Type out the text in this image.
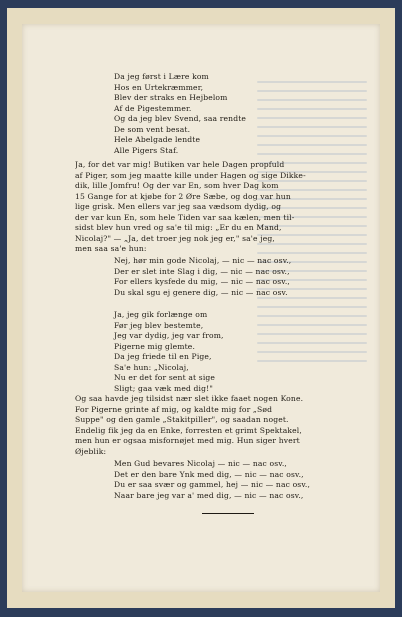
Da jeg først i Lære kom
Hos en Urtekræmmer,
Blev der straks en Hejbelom
Af de Pigestemmer.
Og da jeg blev Svend, saa rendte
De som vent besat.
Hele Abelgade lendte
Alle Pigers Staf.
Ja, for det var mig! Butiken var hele Dagen propfuld
af Piger, som jeg maatte kille under Hagen og sige Dikke-
dik, lille Jomfru! Og der var En, som hver Dag kom
15 Gange for at kjøbe for 2 Øre Sæbe, og dog var hun
lige grisk. Men ellers var jeg saa vædsom dydig, og
der var kun En, som hele Tiden var saa kælen, men til-
sidst blev hun vred og sa'e til mig: „Er du en Mand,
Nicolaj?" — „Ja, det troer jeg nok jeg er," sa'e jeg,
men saa sa'e hun:
Nej, hør min gode Nicolaj, — nic — nac osv.,
Der er slet inte Slag i dig, — nic — nac osv.,
For ellers kysfede du mig, — nic — nac osv.,
Du skal sgu ej genere dig, — nic — nac osv.
Ja, jeg gik forlænge om
Før jeg blev bestemte,
Jeg var dydig, jeg var from,
Pigerne mig glemte.
Da jeg friede til en Pige,
Sa'e hun: „Nicolaj,
Nu er det for sent at sige
Sligt; gaa væk med dig!"
Og saa havde jeg tilsidst nær slet ikke faaet nogen Kone.
For Pigerne grinte af mig, og kaldte mig for „Sød
Suppe" og den gamle „Stakitpiller", og saadan noget.
Endelig fik jeg da en Enke, forresten et grimt Spektakel,
men hun er ogsaa misfornøjet med mig. Hun siger hvert
Øjeblik:
Men Gud bevares Nicolaj — nic — nac osv.,
Det er den bare Ynk med dig, — nic — nac osv.,
Du er saa svær og gammel, hej — nic — nac osv.,
Naar bare jeg var a' med dig, — nic — nac osv.,
